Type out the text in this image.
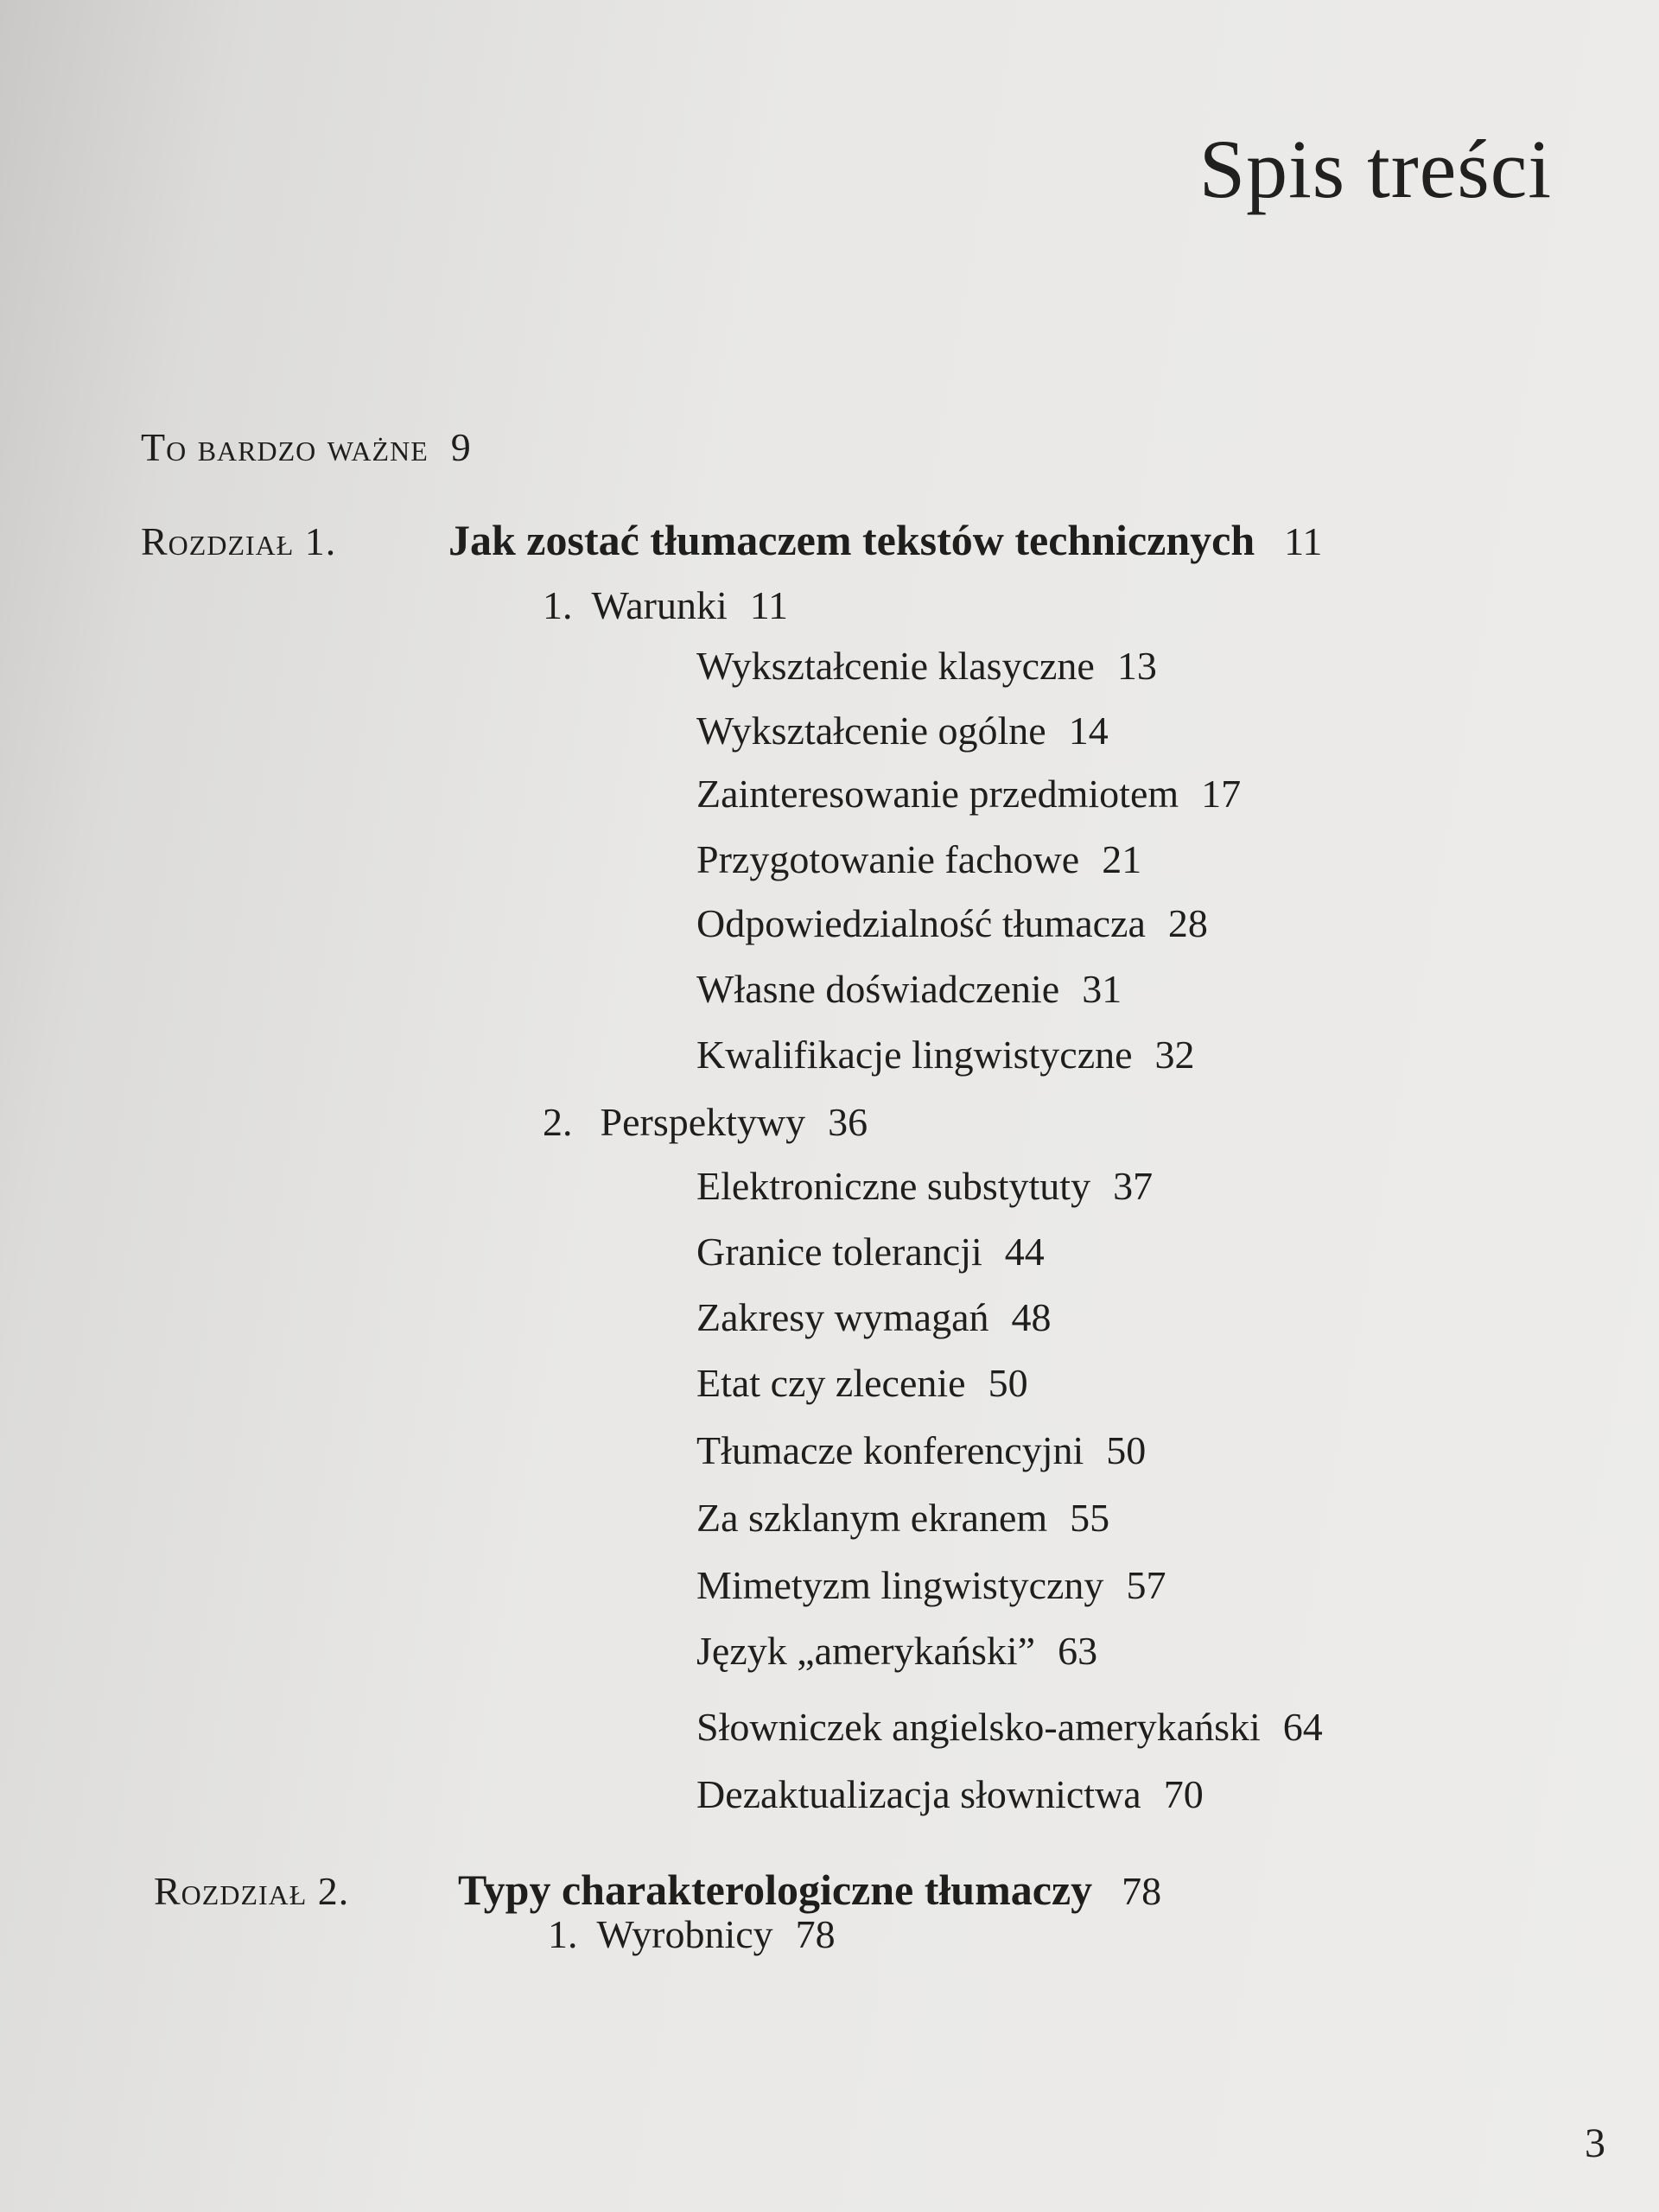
Spis treści
To bardzo ważne 9
Rozdział 1.	Jak zostać tłumaczem tekstów technicznych 11
1. Warunki 11
Wykształcenie klasyczne 13
Wykształcenie ogólne 14
Zainteresowanie przedmiotem 17
Przygotowanie fachowe 21
Odpowiedzialność tłumacza 28
Własne doświadczenie 31
Kwalifikacje lingwistyczne 32
2. Perspektywy 36
Elektroniczne substytuty 37
Granice tolerancji 44
Zakresy wymagań 48
Etat czy zlecenie 50
Tłumacze konferencyjni 50
Za szklanym ekranem 55
Mimetyzm lingwistyczny 57
Język „amerykański” 63
Słowniczek angielsko-amerykański 64
Dezaktualizacja słownictwa 70
Rozdział 2.	Typy charakterologiczne tłumaczy 78
1. Wyrobnicy 78
3
